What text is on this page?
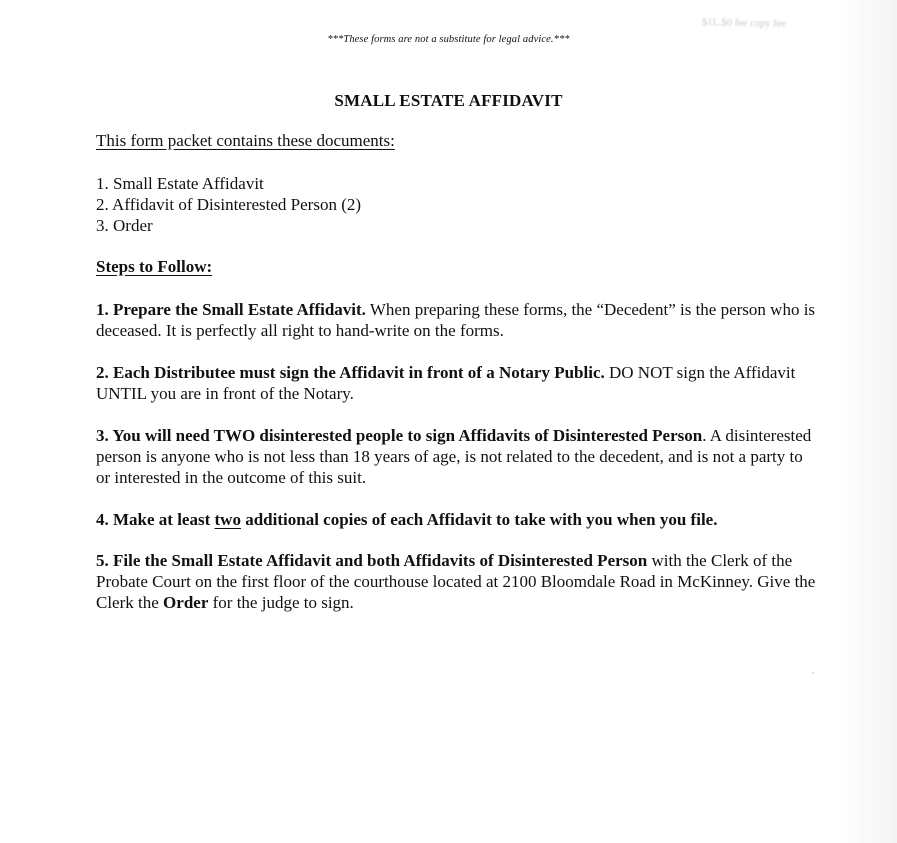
***These forms are not a substitute for legal advice.***
$1L.$0 fee copy fee
SMALL ESTATE AFFIDAVIT
This form packet contains these documents:
1. Small Estate Affidavit
2. Affidavit of Disinterested Person (2)
3. Order
Steps to Follow:

1. Prepare the Small Estate Affidavit. When preparing these forms, the “Decedent” is the person who is deceased. It is perfectly all right to hand-write on the forms.

2. Each Distributee must sign the Affidavit in front of a Notary Public. DO NOT sign the Affidavit UNTIL you are in front of the Notary.

3. You will need TWO disinterested people to sign Affidavits of Disinterested Person. A disinterested person is anyone who is not less than 18 years of age, is not related to the decedent, and is not a party to or interested in the outcome of this suit.

4. Make at least two additional copies of each Affidavit to take with you when you file.

5. File the Small Estate Affidavit and both Affidavits of Disinterested Person with the Clerk of the Probate Court on the first floor of the courthouse located at 2100 Bloomdale Road in McKinney. Give the Clerk the Order for the judge to sign.
